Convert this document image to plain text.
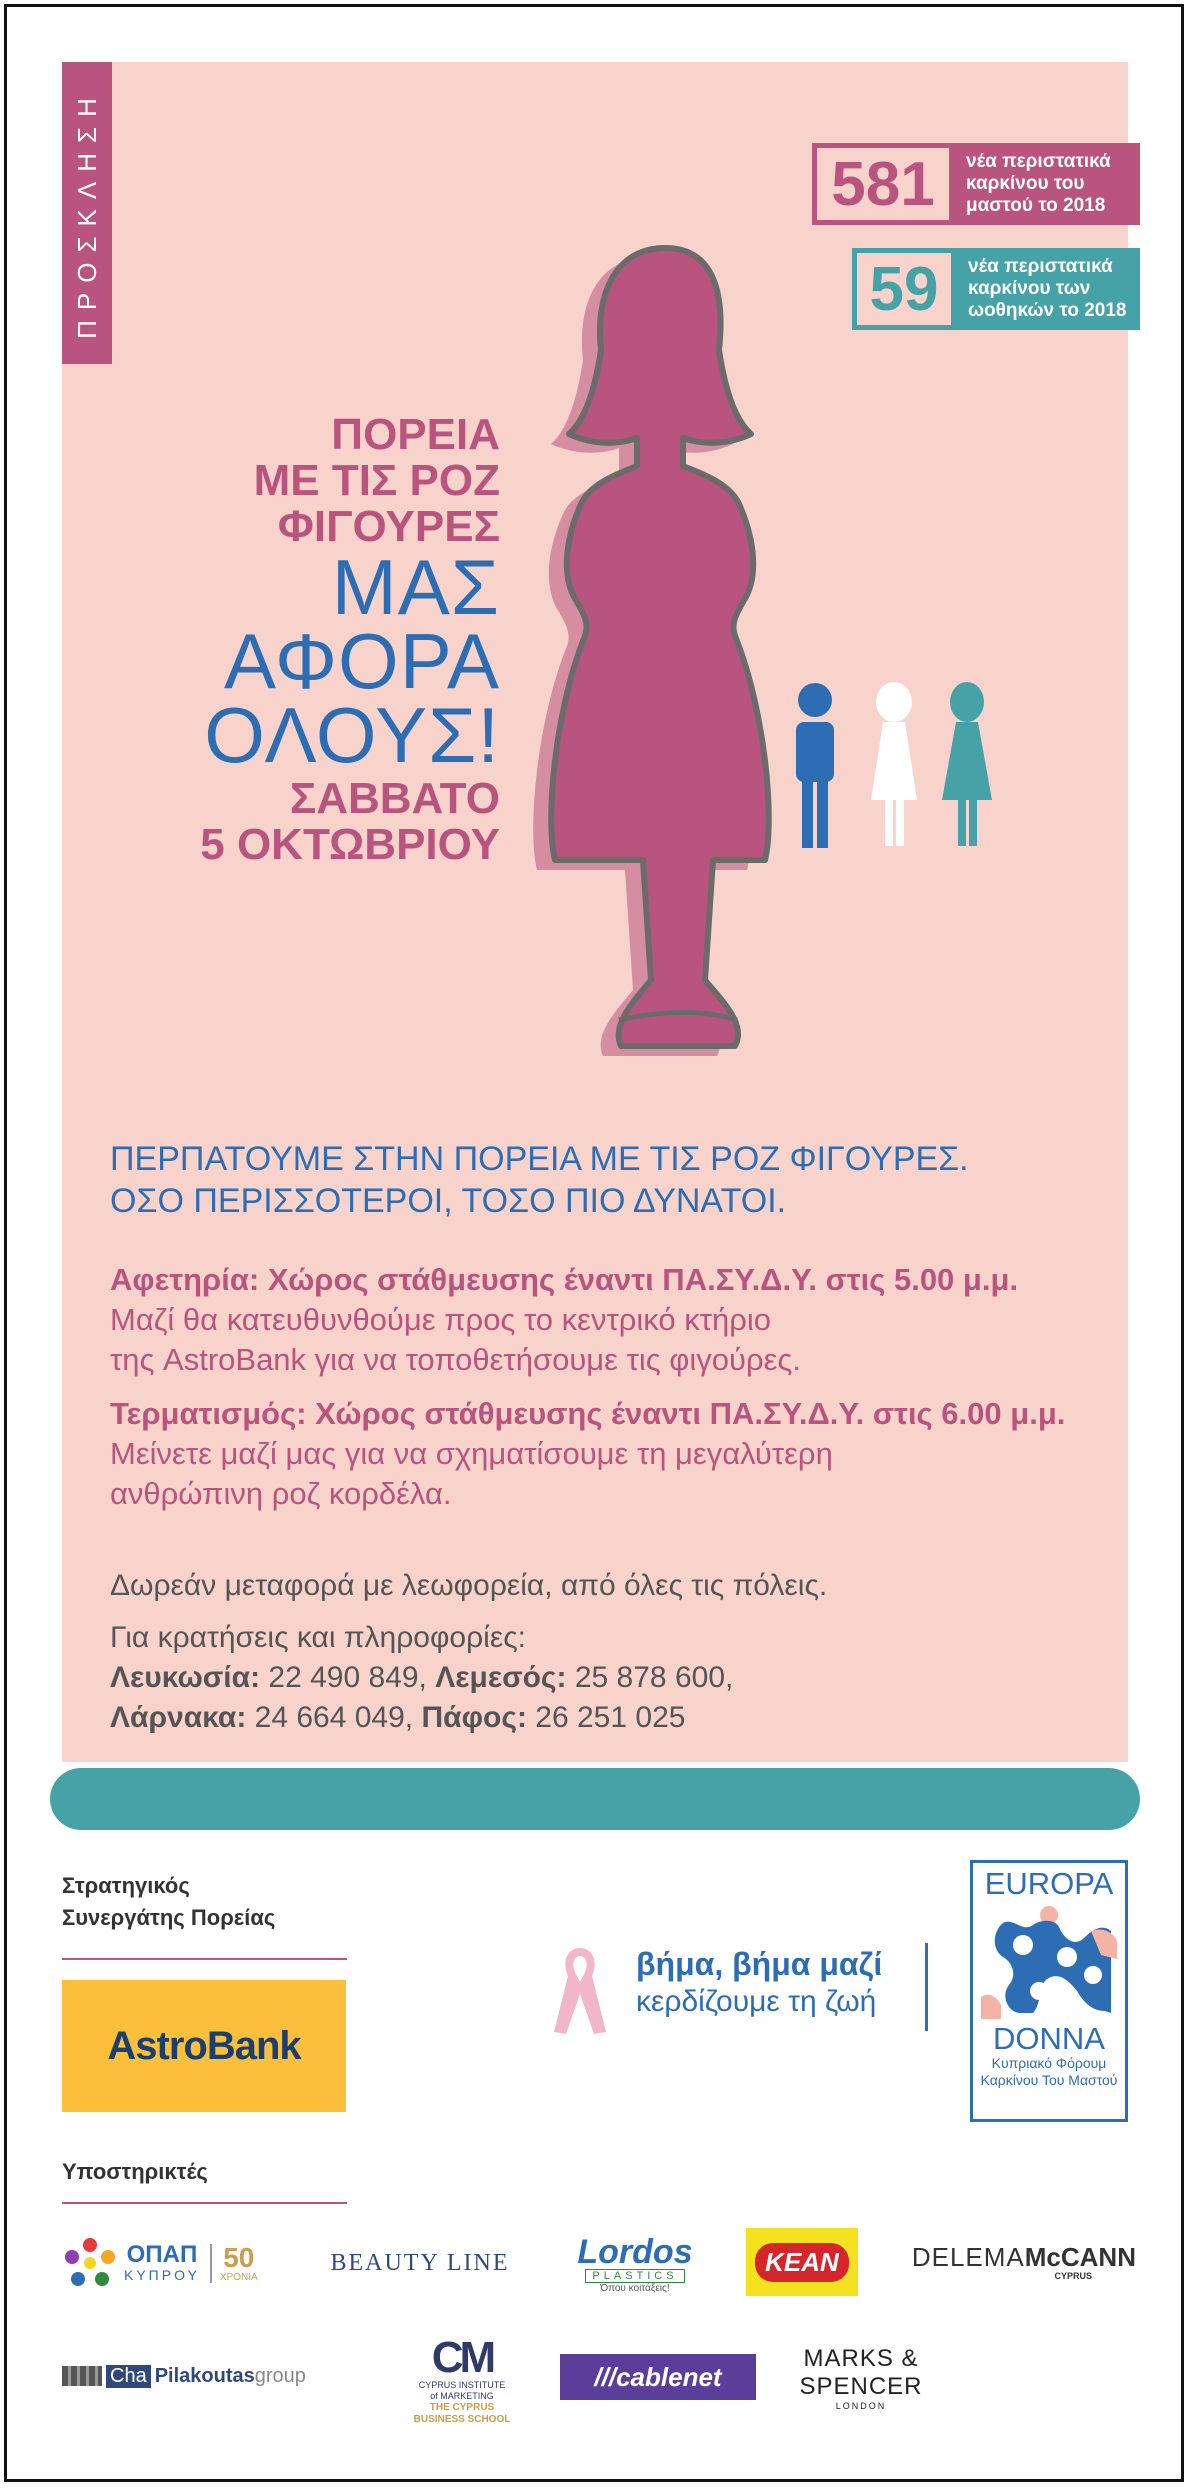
ΠΡΟΣΚΛΗΣΗ	581	νέα περιστατικά
καρκίνου του
μαστού το 2018
59	νέα περιστατικά
καρκίνου των
ωοθηκών το 2018
ΠΟΡΕΙΑ
ΜΕ ΤΙΣ ΡΟΖ
ΦΙΓΟΥΡΕΣ
ΜΑΣ
ΑΦΟΡΑ
ΟΛΟΥΣ!
ΣΑΒΒΑΤΟ
5 ΟΚΤΩΒΡΙΟΥ
ΠΕΡΠΑΤΟΥΜΕ ΣΤΗΝ ΠΟΡΕΙΑ ΜΕ ΤΙΣ ΡΟΖ ΦΙΓΟΥΡΕΣ.
ΟΣΟ ΠΕΡΙΣΣΟΤΕΡΟΙ, ΤΟΣΟ ΠΙΟ ΔΥΝΑΤΟΙ.
Αφετηρία: Χώρος στάθμευσης έναντι ΠΑ.ΣΥ.Δ.Υ. στις 5.00 μ.μ.
Μαζί θα κατευθυνθούμε προς το κεντρικό κτήριο
της AstroBank για να τοποθετήσουμε τις φιγούρες.
Τερματισμός: Χώρος στάθμευσης έναντι ΠΑ.ΣΥ.Δ.Υ. στις 6.00 μ.μ.
Μείνετε μαζί μας για να σχηματίσουμε τη μεγαλύτερη
ανθρώπινη ροζ κορδέλα.
Δωρεάν μεταφορά με λεωφορεία, από όλες τις πόλεις.
Για κρατήσεις και πληροφορίες:
Λευκωσία: 22 490 849, Λεμεσός: 25 878 600,
Λάρνακα: 24 664 049, Πάφος: 26 251 025
Στρατηγικός
Συνεργάτης Πορείας
AstroBank
βήμα, βήμα μαζί
κερδίζουμε τη ζωή
EUROPA
DONNA
Κυπριακό Φόρουμ
Καρκίνου Του Μαστού
Υποστηρικτές
ΟΠΑΠ
ΚΥΠΡΟΥ
50
ΧΡΟΝΙΑ
BEAUTY LINE Lordos
PLASTICS
Όπου κοιτάξεις!
KEAN	DELEMAMcCANN
CYPRUS
Cha Pilakoutas group	CM
CYPRUS INSTITUTE
of MARKETING
THE CYPRUS
BUSINESS SCHOOL
///cablenet
MARKS &
SPENCER
LONDON
